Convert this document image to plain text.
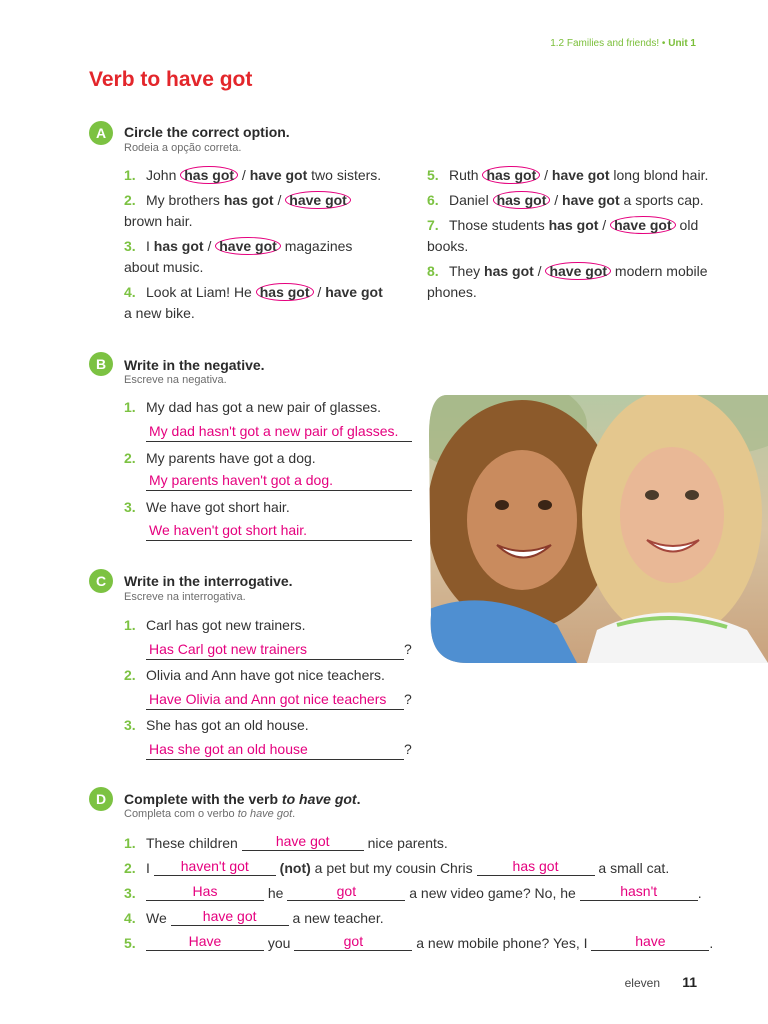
1.2 Families and friends! • Unit 1
Verb to have got
A	Circle the correct option.
Rodeia a opção correta.
1. John has got / have got two sisters.
2. My brothers has got / have got brown hair.
3. I has got / have got magazines about music.
4. Look at Liam! He has got / have got a new bike.
5. Ruth has got / have got long blond hair.
6. Daniel has got / have got a sports cap.
7. Those students has got / have got old books.
8. They has got / have got modern mobile phones.
B	Write in the negative.
Escreve na negativa.
1. My dad has got a new pair of glasses.
My dad hasn't got a new pair of glasses.
2. My parents have got a dog.
My parents haven't got a dog.
3. We have got short hair.
We haven't got short hair.
C	Write in the interrogative.
Escreve na interrogativa.
1. Carl has got new trainers.
Has Carl got new trainers	?
2. Olivia and Ann have got nice teachers.
Have Olivia and Ann got nice teachers ?
3. She has got an old house.
Has she got an old house	?
D	Complete with the verb to have got.
Completa com o verbo to have got.
1. These children have got nice parents.
2. I haven't got (not) a pet but my cousin Chris	has got	a small cat.
3.	Has	he	got	a new video game? No, he	hasn't	.
4. We have got a new teacher.
5.	Have	you	got	a new mobile phone? Yes, I	have	.
eleven 11
